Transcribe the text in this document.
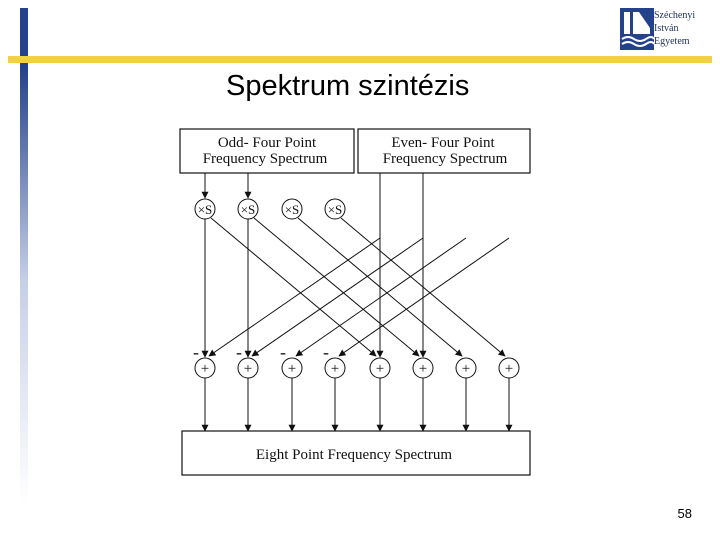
Széchenyi
István
Egyetem
Spektrum szintézis
×S ×S ×S ×S
+
-
+
-
+
-
+
-
+ + + +
Odd- Four Point
Frequency Spectrum
Even- Four Point
Frequency Spectrum
Eight Point Frequency Spectrum
58
